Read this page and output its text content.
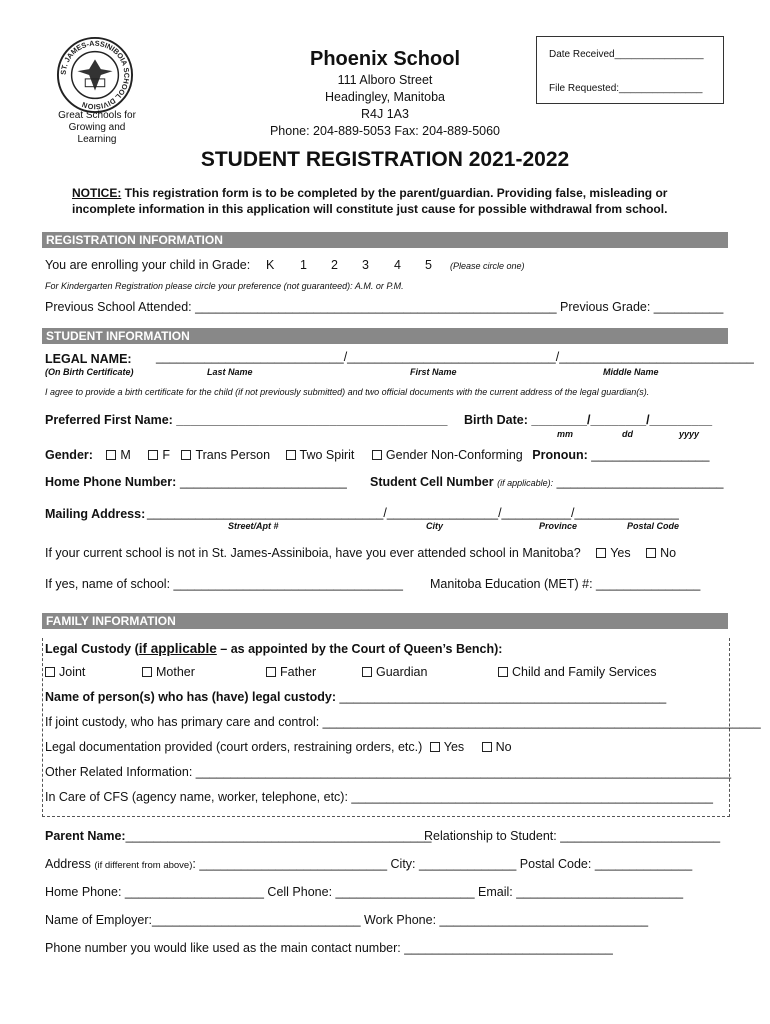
ST. JAMES-ASSINIBOIA SCHOOL DIVISION
Great Schools for Growing and Learning
Phoenix School
111 Alboro Street
Headingley, Manitoba
R4J 1A3
Phone: 204-889-5053 Fax: 204-889-5060
Date Received________________
File Requested:_______________
STUDENT REGISTRATION 2021-2022
NOTICE: This registration form is to be completed by the parent/guardian. Providing false, misleading or incomplete information in this application will constitute just cause for possible withdrawal from school.
REGISTRATION INFORMATION
You are enrolling your child in Grade: K 1 2 3 4 5 (Please circle one)
For Kindergarten Registration please circle your preference (not guaranteed): A.M. or P.M.
Previous School Attended: ____________________________________________________ Previous Grade: __________
STUDENT INFORMATION
LEGAL NAME: ___________________________/______________________________/____________________________
(On Birth Certificate)	Last Name	First Name	Middle Name
I agree to provide a birth certificate for the child (if not previously submitted) and two official documents with the current address of the legal guardian(s).
Preferred First Name: _______________________________________ Birth Date: ________/________/_________
mm	dd	yyyy
Gender: M	F Trans Person Two Spirit	Gender Non-Conforming Pronoun: _________________
Home Phone Number: ________________________ Student Cell Number (if applicable): ________________________
Mailing Address: __________________________________/________________/__________/_______________
Street/Apt #	City	Province	Postal Code
If your current school is not in St. James-Assiniboia, have you ever attended school in Manitoba? Yes No
If yes, name of school: _________________________________ Manitoba Education (MET) #: _______________
FAMILY INFORMATION
Legal Custody (if applicable – as appointed by the Court of Queen’s Bench):
Joint	Mother	Father	Guardian	Child and Family Services
Name of person(s) who has (have) legal custody: _______________________________________________
If joint custody, who has primary care and control: _______________________________________________________________
Legal documentation provided (court orders, restraining orders, etc.) Yes	No
Other Related Information: _____________________________________________________________________________
In Care of CFS (agency name, worker, telephone, etc): ____________________________________________________
Parent Name:____________________________________________
Relationship to Student: _______________________
Address (if different from above): ___________________________ City: ______________ Postal Code: ______________
Home Phone: ____________________ Cell Phone: ____________________ Email: ________________________
Name of Employer:______________________________ Work Phone: ______________________________
Phone number you would like used as the main contact number: ______________________________
